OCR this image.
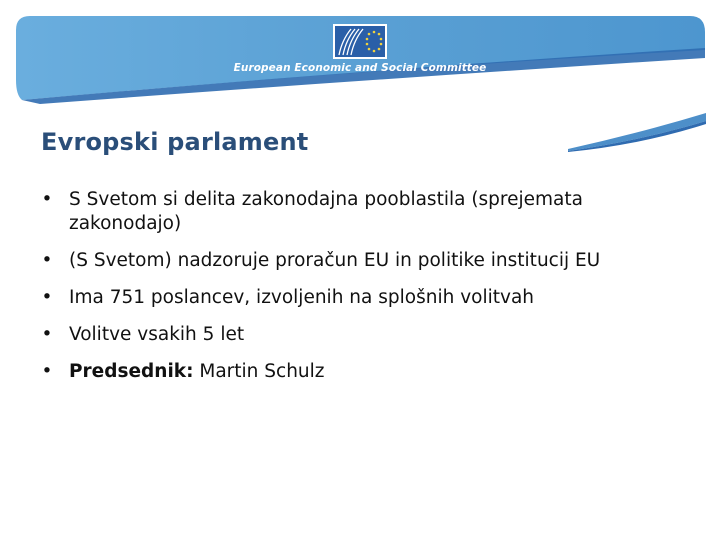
European Economic and Social Committee
Evropski parlament
• S Svetom si delita zakonodajna pooblastila (sprejemata zakonodajo)
• (S Svetom) nadzoruje proračun EU in politike institucij EU
• Ima 751 poslancev, izvoljenih na splošnih volitvah
• Volitve vsakih 5 let
• Predsednik: Martin Schulz
